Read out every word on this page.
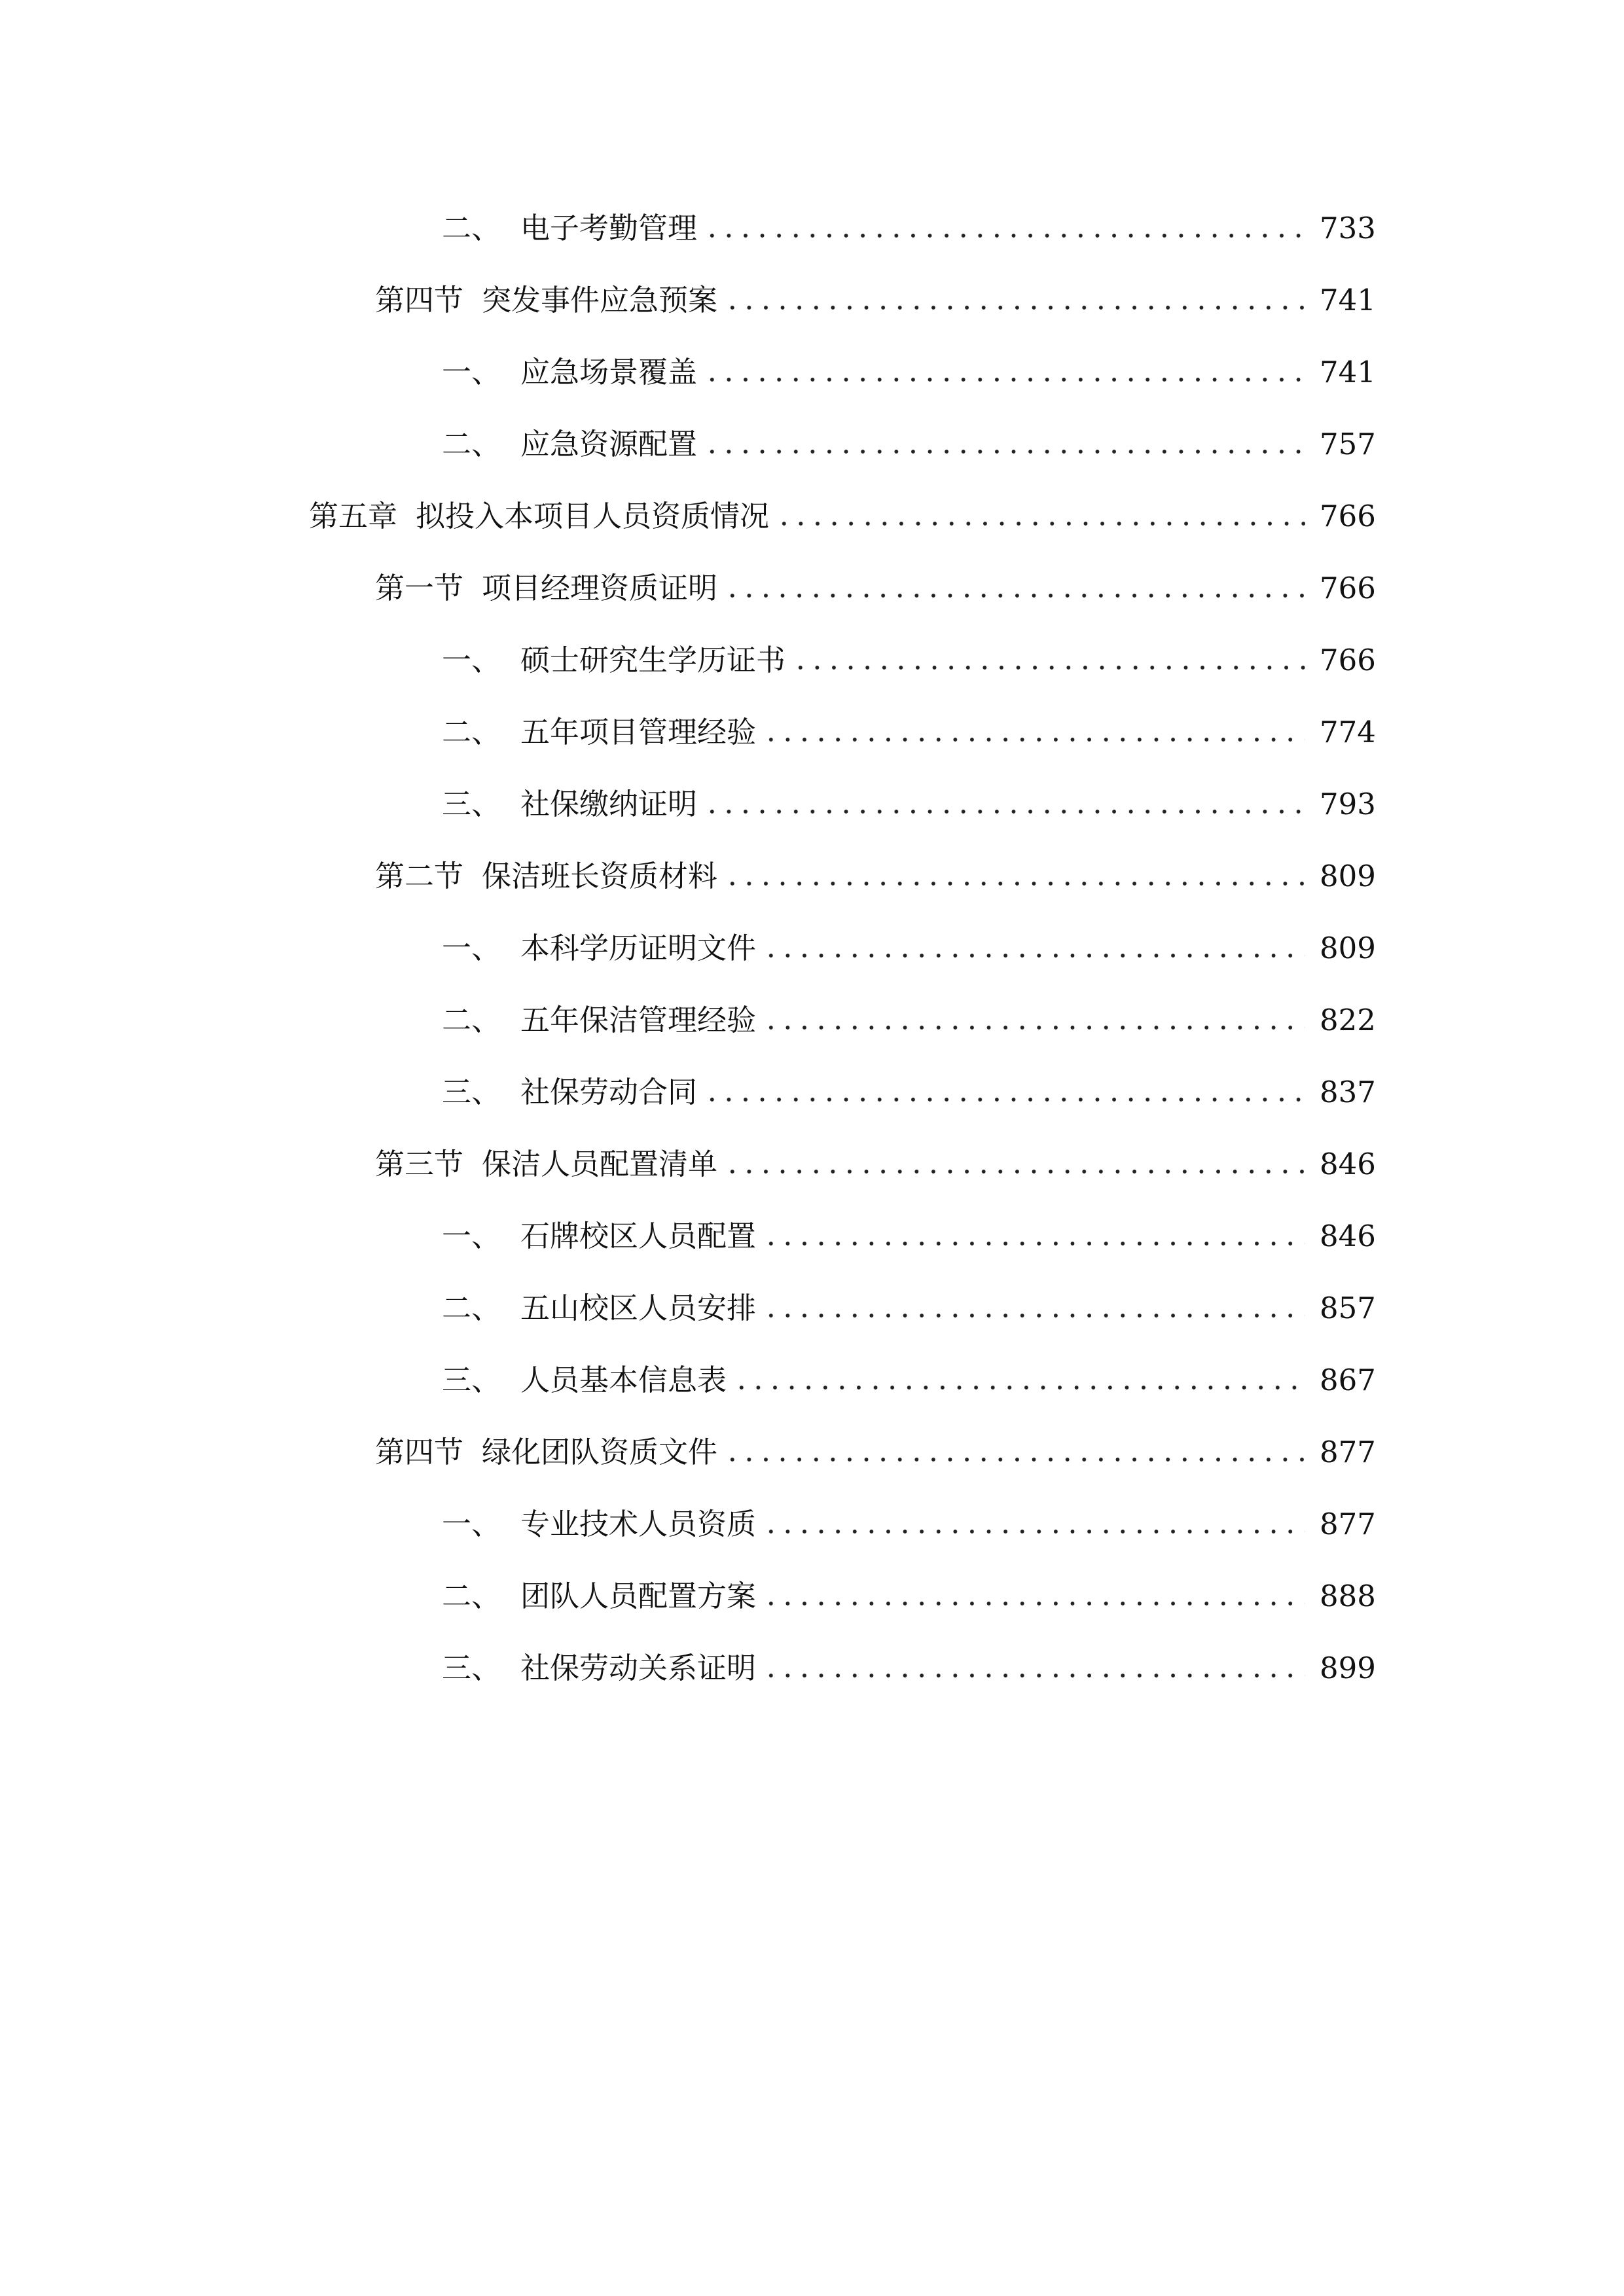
二、 电子考勤管理	733
第四节 突发事件应急预案	741
一、 应急场景覆盖	741
二、 应急资源配置	757
第五章 拟投入本项目人员资质情况	766
第一节 项目经理资质证明	766
一、 硕士研究生学历证书	766
二、 五年项目管理经验	774
三、 社保缴纳证明	793
第二节 保洁班长资质材料	809
一、 本科学历证明文件	809
二、 五年保洁管理经验	822
三、 社保劳动合同	837
第三节 保洁人员配置清单	846
一、 石牌校区人员配置	846
二、 五山校区人员安排	857
三、 人员基本信息表	867
第四节 绿化团队资质文件	877
一、 专业技术人员资质	877
二、 团队人员配置方案	888
三、 社保劳动关系证明	899
